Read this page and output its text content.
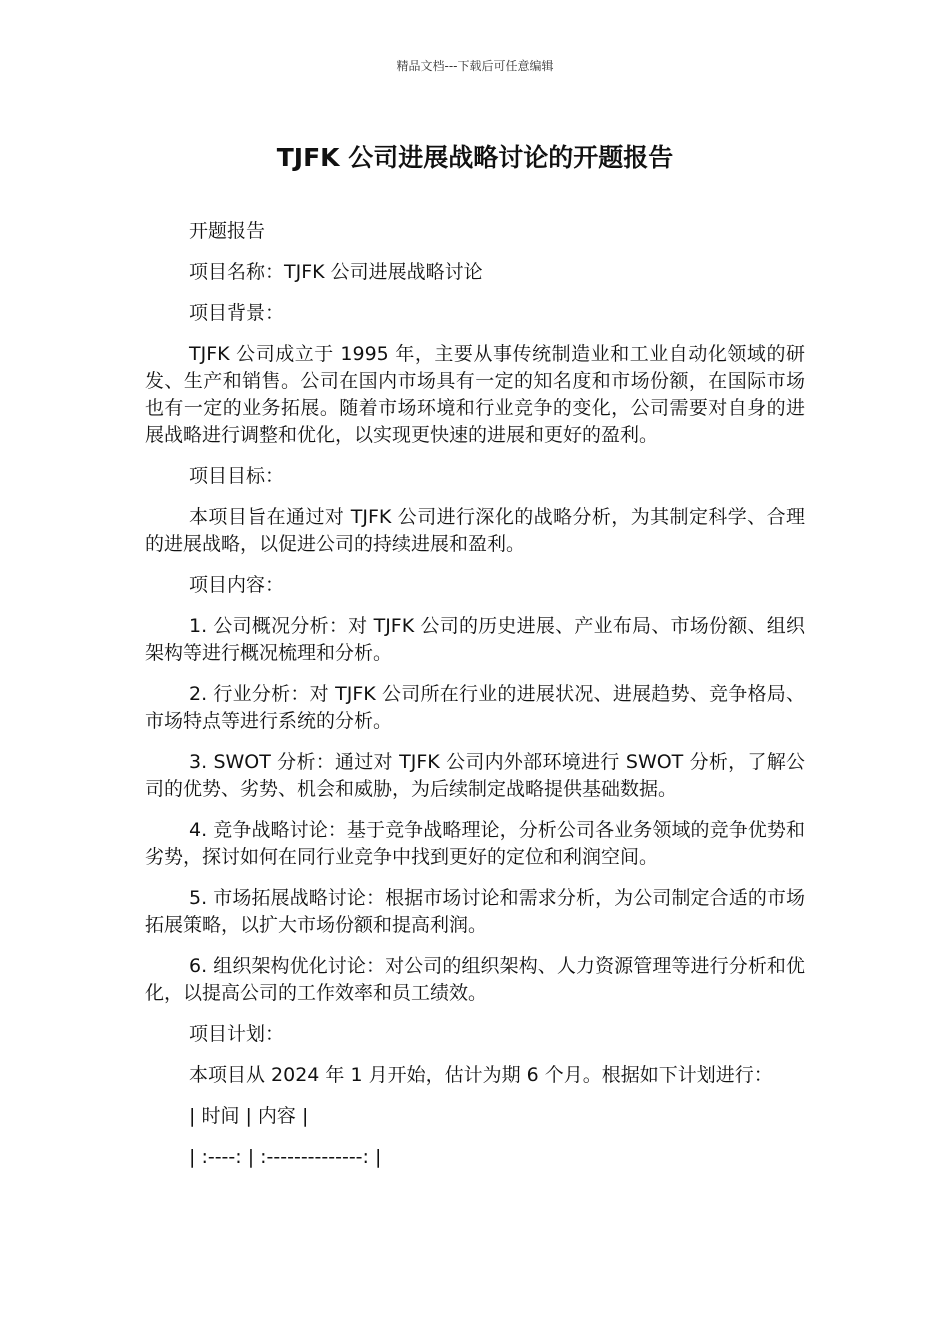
精品文档---下载后可任意编辑
TJFK 公司进展战略讨论的开题报告

开题报告

项目名称：TJFK 公司进展战略讨论

项目背景：

TJFK 公司成立于 1995 年，主要从事传统制造业和工业自动化领域的研发、生产和销售。公司在国内市场具有一定的知名度和市场份额，在国际市场也有一定的业务拓展。随着市场环境和行业竞争的变化，公司需要对自身的进展战略进行调整和优化，以实现更快速的进展和更好的盈利。

项目目标：

本项目旨在通过对 TJFK 公司进行深化的战略分析，为其制定科学、合理的进展战略，以促进公司的持续进展和盈利。

项目内容：

1. 公司概况分析：对 TJFK 公司的历史进展、产业布局、市场份额、组织架构等进行概况梳理和分析。

2. 行业分析：对 TJFK 公司所在行业的进展状况、进展趋势、竞争格局、市场特点等进行系统的分析。

3. SWOT 分析：通过对 TJFK 公司内外部环境进行 SWOT 分析，了解公司的优势、劣势、机会和威胁，为后续制定战略提供基础数据。

4. 竞争战略讨论：基于竞争战略理论，分析公司各业务领域的竞争优势和劣势，探讨如何在同行业竞争中找到更好的定位和利润空间。

5. 市场拓展战略讨论：根据市场讨论和需求分析，为公司制定合适的市场拓展策略，以扩大市场份额和提高利润。

6. 组织架构优化讨论：对公司的组织架构、人力资源管理等进行分析和优化，以提高公司的工作效率和员工绩效。

项目计划：

本项目从 2024 年 1 月开始，估计为期 6 个月。根据如下计划进行：

| 时间 | 内容 |

| :----: | :--------------: |
